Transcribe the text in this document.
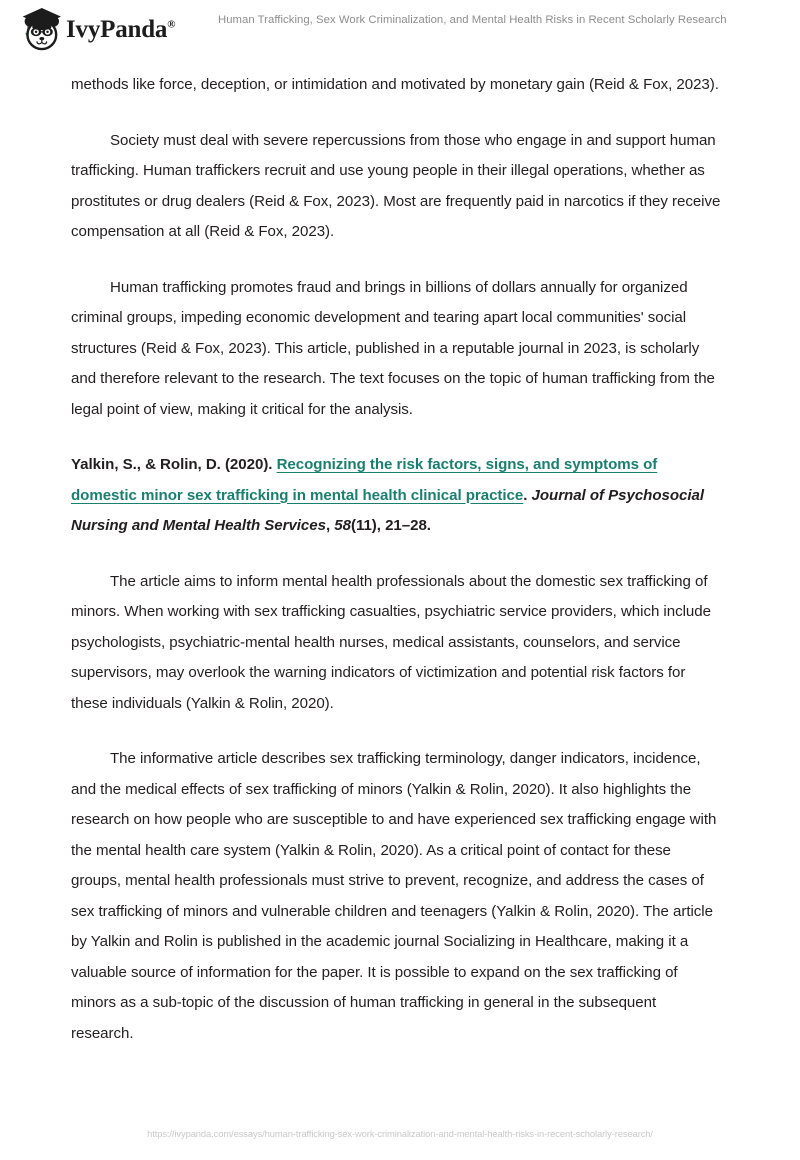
IvyPanda®	Human Trafficking, Sex Work Criminalization, and Mental Health Risks in Recent Scholarly Research

methods like force, deception, or intimidation and motivated by monetary gain (Reid & Fox, 2023).

Society must deal with severe repercussions from those who engage in and support human trafficking. Human traffickers recruit and use young people in their illegal operations, whether as prostitutes or drug dealers (Reid & Fox, 2023). Most are frequently paid in narcotics if they receive compensation at all (Reid & Fox, 2023).

Human trafficking promotes fraud and brings in billions of dollars annually for organized criminal groups, impeding economic development and tearing apart local communities' social structures (Reid & Fox, 2023). This article, published in a reputable journal in 2023, is scholarly and therefore relevant to the research. The text focuses on the topic of human trafficking from the legal point of view, making it critical for the analysis.

Yalkin, S., & Rolin, D. (2020). Recognizing the risk factors, signs, and symptoms of domestic minor sex trafficking in mental health clinical practice. Journal of Psychosocial Nursing and Mental Health Services, 58(11), 21–28.

The article aims to inform mental health professionals about the domestic sex trafficking of minors. When working with sex trafficking casualties, psychiatric service providers, which include psychologists, psychiatric-mental health nurses, medical assistants, counselors, and service supervisors, may overlook the warning indicators of victimization and potential risk factors for these individuals (Yalkin & Rolin, 2020).

The informative article describes sex trafficking terminology, danger indicators, incidence, and the medical effects of sex trafficking of minors (Yalkin & Rolin, 2020). It also highlights the research on how people who are susceptible to and have experienced sex trafficking engage with the mental health care system (Yalkin & Rolin, 2020). As a critical point of contact for these groups, mental health professionals must strive to prevent, recognize, and address the cases of sex trafficking of minors and vulnerable children and teenagers (Yalkin & Rolin, 2020). The article by Yalkin and Rolin is published in the academic journal Socializing in Healthcare, making it a valuable source of information for the paper. It is possible to expand on the sex trafficking of minors as a sub-topic of the discussion of human trafficking in general in the subsequent research.

https://ivypanda.com/essays/human-trafficking-sex-work-criminalization-and-mental-health-risks-in-recent-scholarly-research/
